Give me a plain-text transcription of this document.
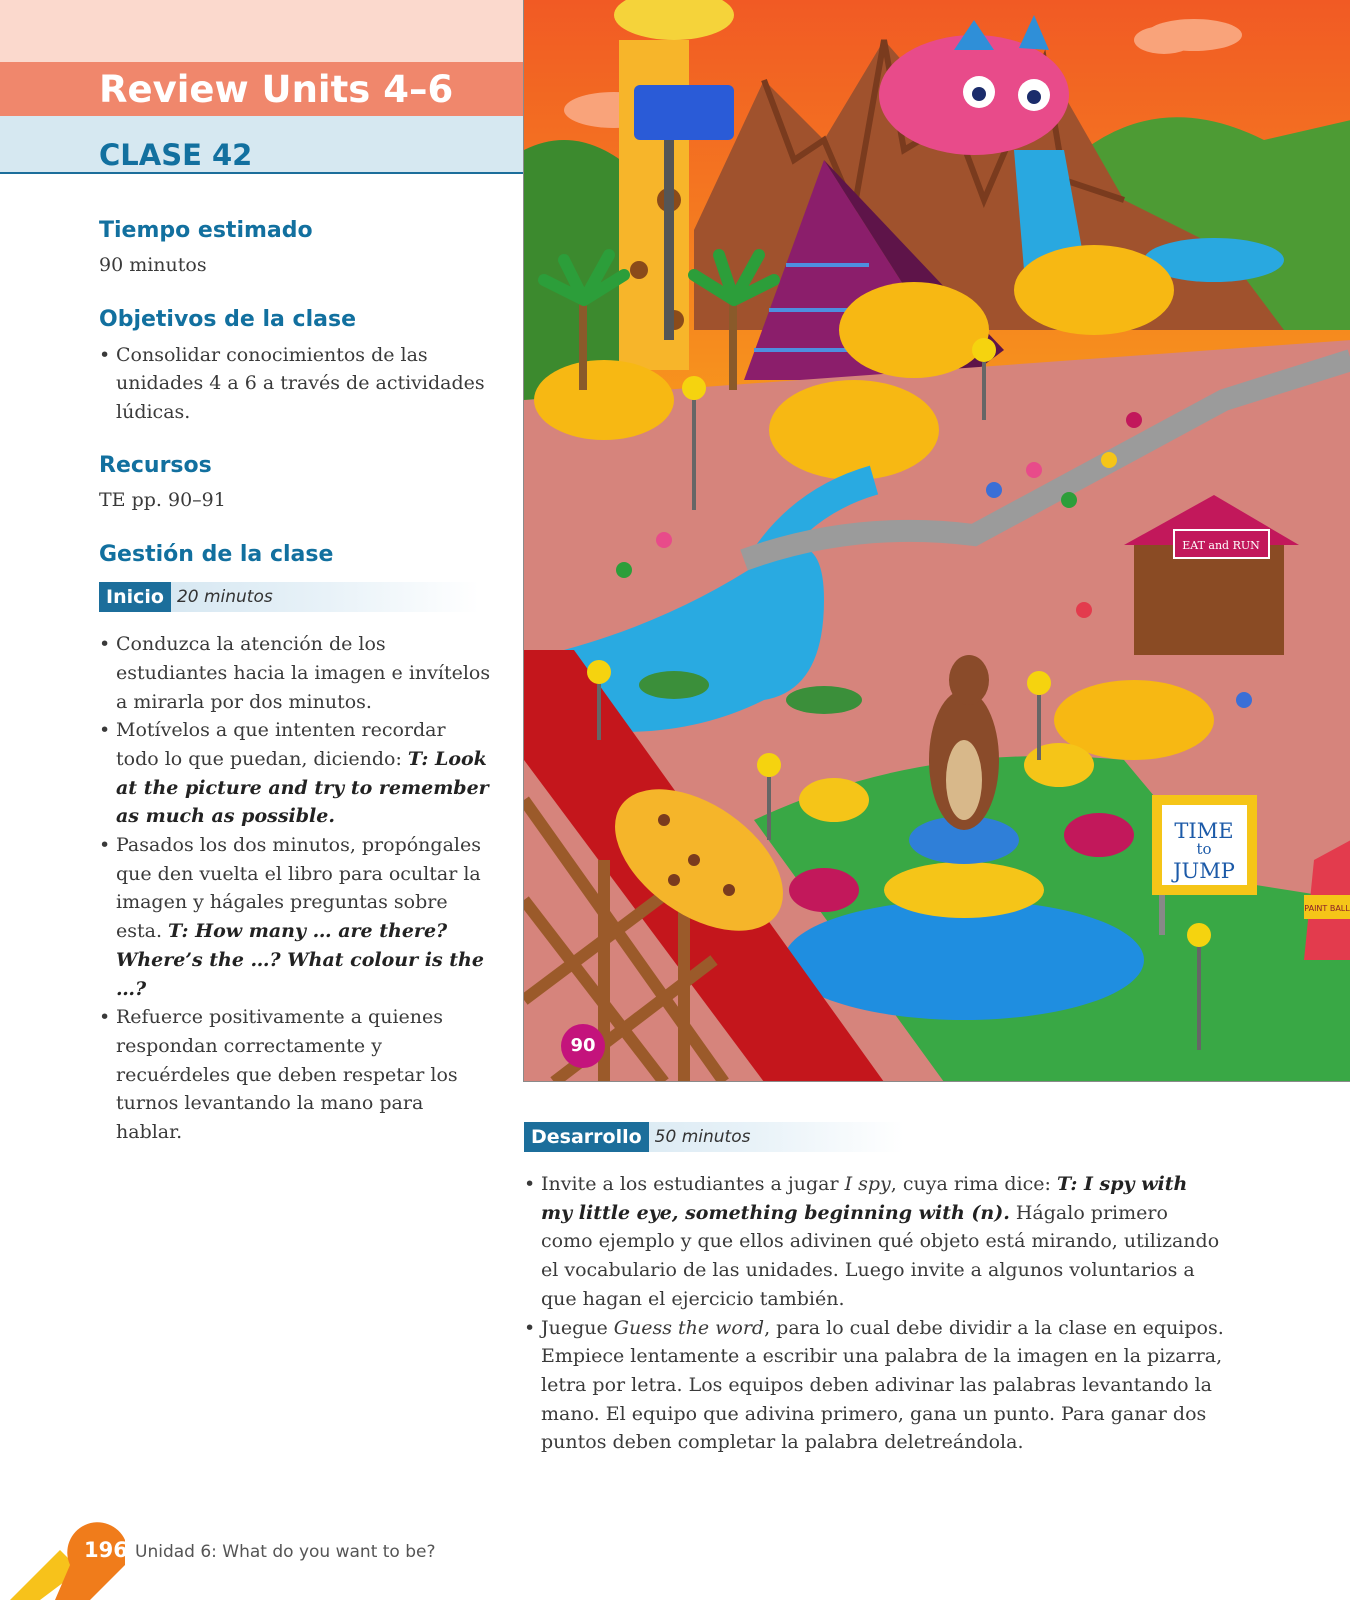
Review Units 4–6
CLASE 42
Tiempo estimado

90 minutos

Objetivos de la clase
• Consolidar conocimientos de las unidades 4 a 6 a través de actividades lúdicas.
Recursos

TE pp. 90–91

Gestión de la clase
Inicio 20 minutos
• Conduzca la atención de los estudiantes hacia la imagen e invítelos a mirarla por dos minutos.
• Motívelos a que intenten recordar todo lo que puedan, diciendo: T: Look at the picture and try to remember as much as possible.
• Pasados los dos minutos, propóngales que den vuelta el libro para ocultar la imagen y hágales preguntas sobre esta. T: How many … are there? Where’s the …? What colour is the …?
• Refuerce positivamente a quienes respondan correctamente y recuérdeles que deben respetar los turnos levantando la mano para hablar.
EAT and RUN
TIME
to
JUMP
PAINT BALL
90
Desarrollo 50 minutos
• Invite a los estudiantes a jugar I spy, cuya rima dice: T: I spy with my little eye, something beginning with (n). Hágalo primero como ejemplo y que ellos adivinen qué objeto está mirando, utilizando el vocabulario de las unidades. Luego invite a algunos voluntarios a que hagan el ejercicio también.
• Juegue Guess the word, para lo cual debe dividir a la clase en equipos. Empiece lentamente a escribir una palabra de la imagen en la pizarra, letra por letra. Los equipos deben adivinar las palabras levantando la mano. El equipo que adivina primero, gana un punto. Para ganar dos puntos deben completar la palabra deletreándola.
196 Unidad 6: What do you want to be?
